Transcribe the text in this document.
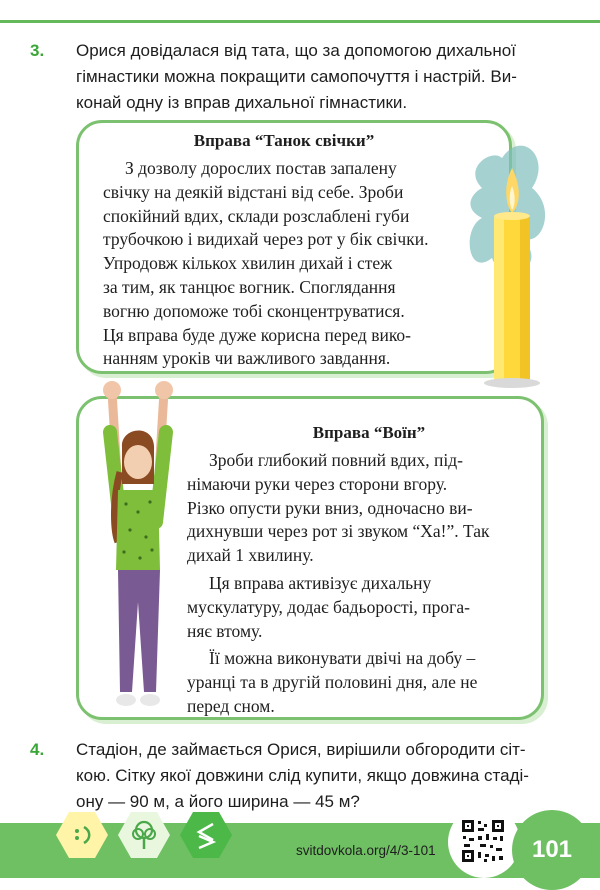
3. Орися довідалася від тата, що за допомогою дихальної
гімнастики можна покращити самопочуття і настрій. Ви-
конай одну із вправ дихальної гімнастики.
Вправа “Танок свічки”
З дозволу дорослих постав запалену
свічку на деякій відстані від себе. Зроби
спокійний вдих, склади розслаблені губи
трубочкою і видихай через рот у бік свічки.
Упродовж кількох хвилин дихай і стеж
за тим, як танцює вогник. Споглядання
вогню допоможе тобі сконцентруватися.
Ця вправа буде дуже корисна перед вико-
нанням уроків чи важливого завдання.
Вправа “Воїн”
Зроби глибокий повний вдих, під-
німаючи руки через сторони вгору.
Різко опусти руки вниз, одночасно ви-
дихнувши через рот зі звуком “Ха!”. Так
дихай 1 хвилину.
Ця вправа активізує дихальну
мускулатуру, додає бадьорості, прога-
няє втому.
Її можна виконувати двічі на добу –
уранці та в другій половині дня, але не
перед сном.
4. Стадіон, де займається Орися, вирішили обгородити сіт-
кою. Сітку якої довжини слід купити, якщо довжина стаді-
ону — 90 м, а його ширина — 45 м?
svitdovkola.org/4/3-101	101
